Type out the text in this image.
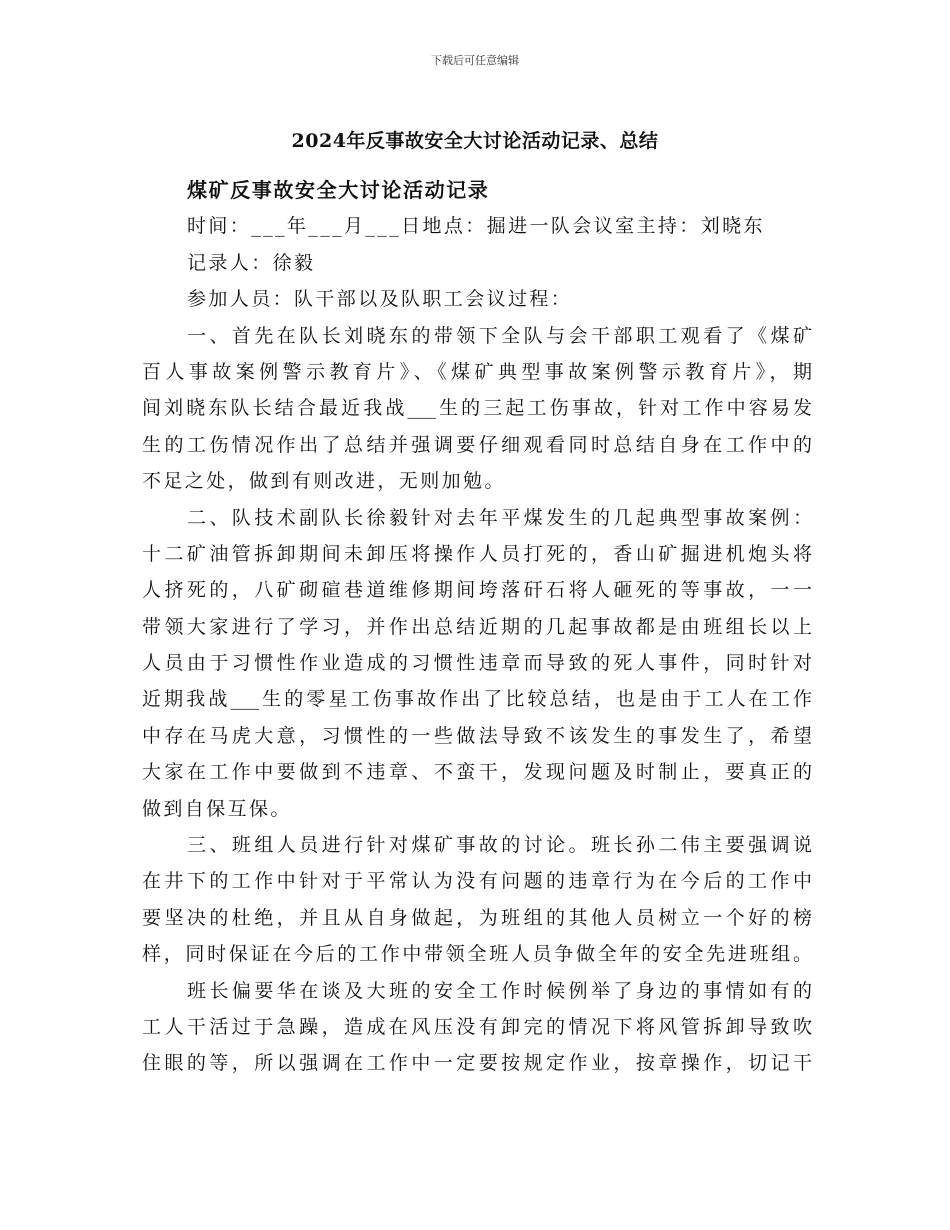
下载后可任意编辑
2024年反事故安全大讨论活动记录、总结
煤矿反事故安全大讨论活动记录
时间：___年___月___日地点：掘进一队会议室主持：刘晓东
记录人：徐毅
参加人员：队干部以及队职工会议过程：
一、首先在队长刘晓东的带领下全队与会干部职工观看了《煤矿
百人事故案例警示教育片》、《煤矿典型事故案例警示教育片》，期
间刘晓东队长结合最近我战___生的三起工伤事故，针对工作中容易发
生的工伤情况作出了总结并强调要仔细观看同时总结自身在工作中的
不足之处，做到有则改进，无则加勉。
二、队技术副队长徐毅针对去年平煤发生的几起典型事故案例：
十二矿油管拆卸期间未卸压将操作人员打死的，香山矿掘进机炮头将
人挤死的，八矿砌碹巷道维修期间垮落矸石将人砸死的等事故，一一
带领大家进行了学习，并作出总结近期的几起事故都是由班组长以上
人员由于习惯性作业造成的习惯性违章而导致的死人事件，同时针对
近期我战___生的零星工伤事故作出了比较总结，也是由于工人在工作
中存在马虎大意，习惯性的一些做法导致不该发生的事发生了，希望
大家在工作中要做到不违章、不蛮干，发现问题及时制止，要真正的
做到自保互保。
三、班组人员进行针对煤矿事故的讨论。班长孙二伟主要强调说
在井下的工作中针对于平常认为没有问题的违章行为在今后的工作中
要坚决的杜绝，并且从自身做起，为班组的其他人员树立一个好的榜
样，同时保证在今后的工作中带领全班人员争做全年的安全先进班组。
班长偏要华在谈及大班的安全工作时候例举了身边的事情如有的
工人干活过于急躁，造成在风压没有卸完的情况下将风管拆卸导致吹
住眼的等，所以强调在工作中一定要按规定作业，按章操作，切记干
